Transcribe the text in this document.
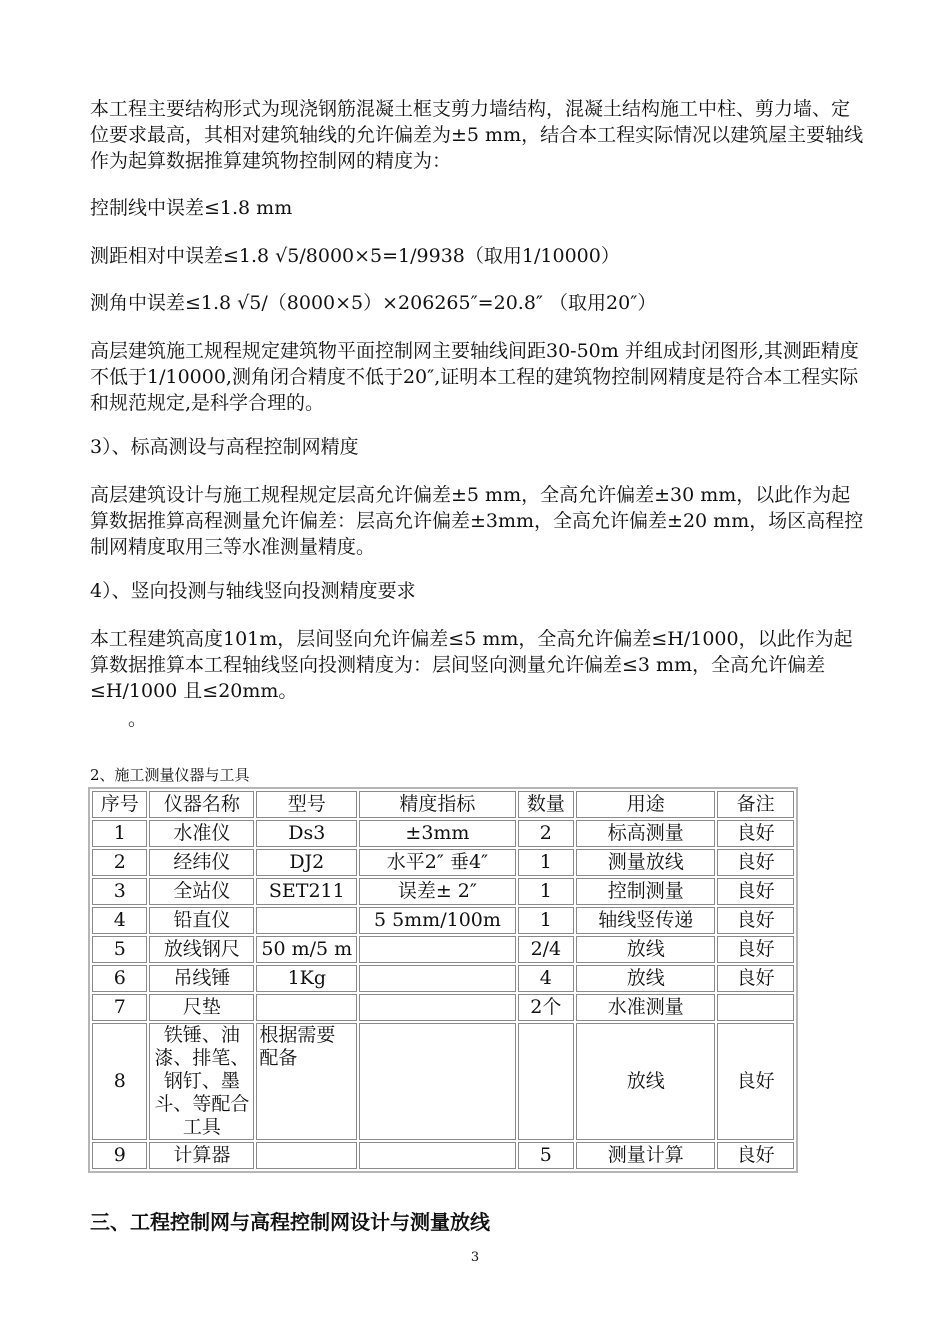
本工程主要结构形式为现浇钢筋混凝土框支剪力墙结构，混凝土结构施工中柱、剪力墙、定位要求最高，其相对建筑轴线的允许偏差为±5 mm，结合本工程实际情况以建筑屋主要轴线作为起算数据推算建筑物控制网的精度为：

控制线中误差≤1.8 mm

测距相对中误差≤1.8 √5/8000×5=1/9938（取用1/10000）

测角中误差≤1.8 √5/（8000×5）×206265″=20.8″ （取用20″）

高层建筑施工规程规定建筑物平面控制网主要轴线间距30-50m 并组成封闭图形,其测距精度不低于1/10000,测角闭合精度不低于20″,证明本工程的建筑物控制网精度是符合本工程实际和规范规定,是科学合理的。

3）、标高测设与高程控制网精度

高层建筑设计与施工规程规定层高允许偏差±5 mm，全高允许偏差±30 mm，以此作为起算数据推算高程测量允许偏差：层高允许偏差±3mm，全高允许偏差±20 mm，场区高程控制网精度取用三等水准测量精度。

4）、竖向投测与轴线竖向投测精度要求

本工程建筑高度101m，层间竖向允许偏差≤5 mm，全高允许偏差≤H/1000，以此作为起算数据推算本工程轴线竖向投测精度为：层间竖向测量允许偏差≤3 mm，全高允许偏差≤H/1000 且≤20mm。

。

2、施工测量仪器与工具
序号	仪器名称	型号	精度指标	数量	用途	备注
1	水准仪	Ds3	±3mm	2	标高测量	良好
2	经纬仪	DJ2	水平2″ 垂4″	1	测量放线	良好
3	全站仪	SET211	误差± 2″	1	控制测量	良好
4	铅直仪		5 5mm/100m	1	轴线竖传递	良好
5	放线钢尺	50 m/5 m		2/4	放线	良好
6	吊线锤	1Kg		4	放线	良好
7	尺垫			2个	水准测量	
8	铁锤、油漆、排笔、钢钉、墨斗、等配合工具	根据需要配备			放线	良好
9	计算器			5	测量计算	良好
三、工程控制网与高程控制网设计与测量放线
3
